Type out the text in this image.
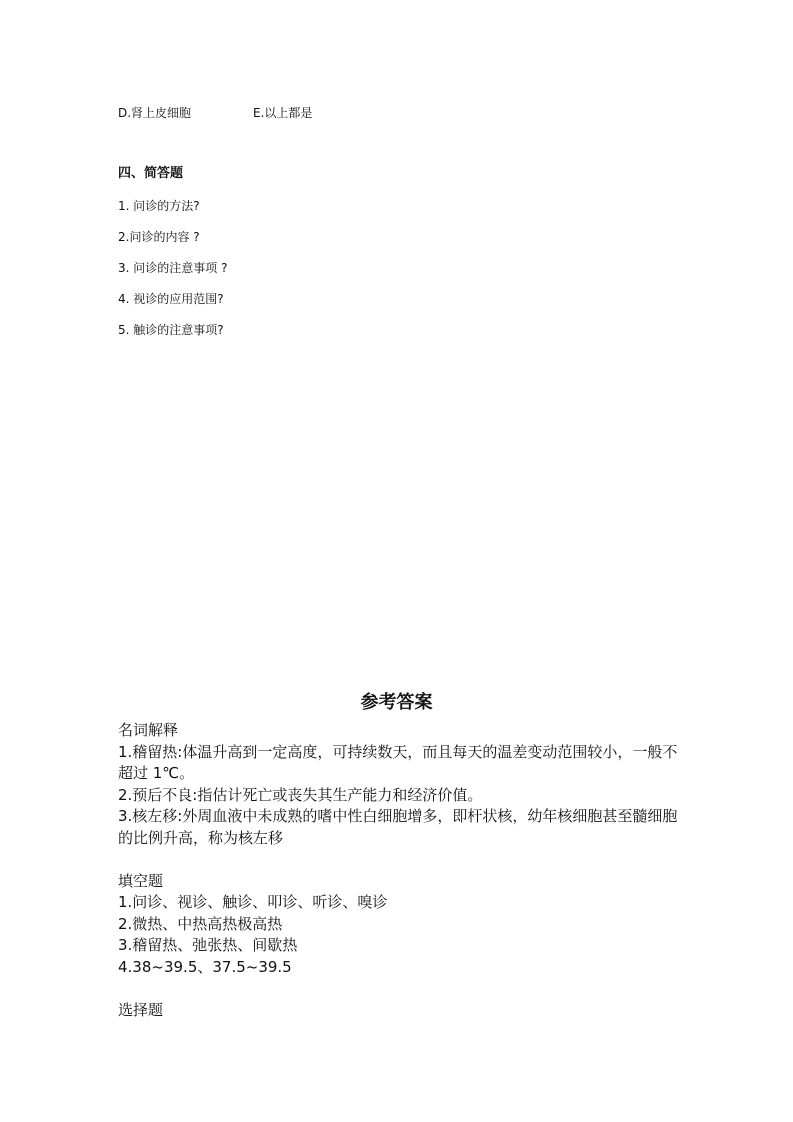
D.肾上皮细胞	E.以上都是
四、简答题
1. 问诊的方法?
2.问诊的内容 ?
3. 问诊的注意事项 ?
4. 视诊的应用范围?
5. 触诊的注意事项?
参考答案

名词解释

1.稽留热:体温升高到一定高度，可持续数天，而且每天的温差变动范围较小，一般不超过 1℃。

2.预后不良:指估计死亡或丧失其生产能力和经济价值。

3.核左移:外周血液中未成熟的嗜中性白细胞增多，即杆状核，幼年核细胞甚至髓细胞的比例升高，称为核左移

填空题

1.问诊、视诊、触诊、叩诊、听诊、嗅诊

2.微热、中热高热极高热

3.稽留热、弛张热、间歇热

4.38~39.5、37.5~39.5

选择题
